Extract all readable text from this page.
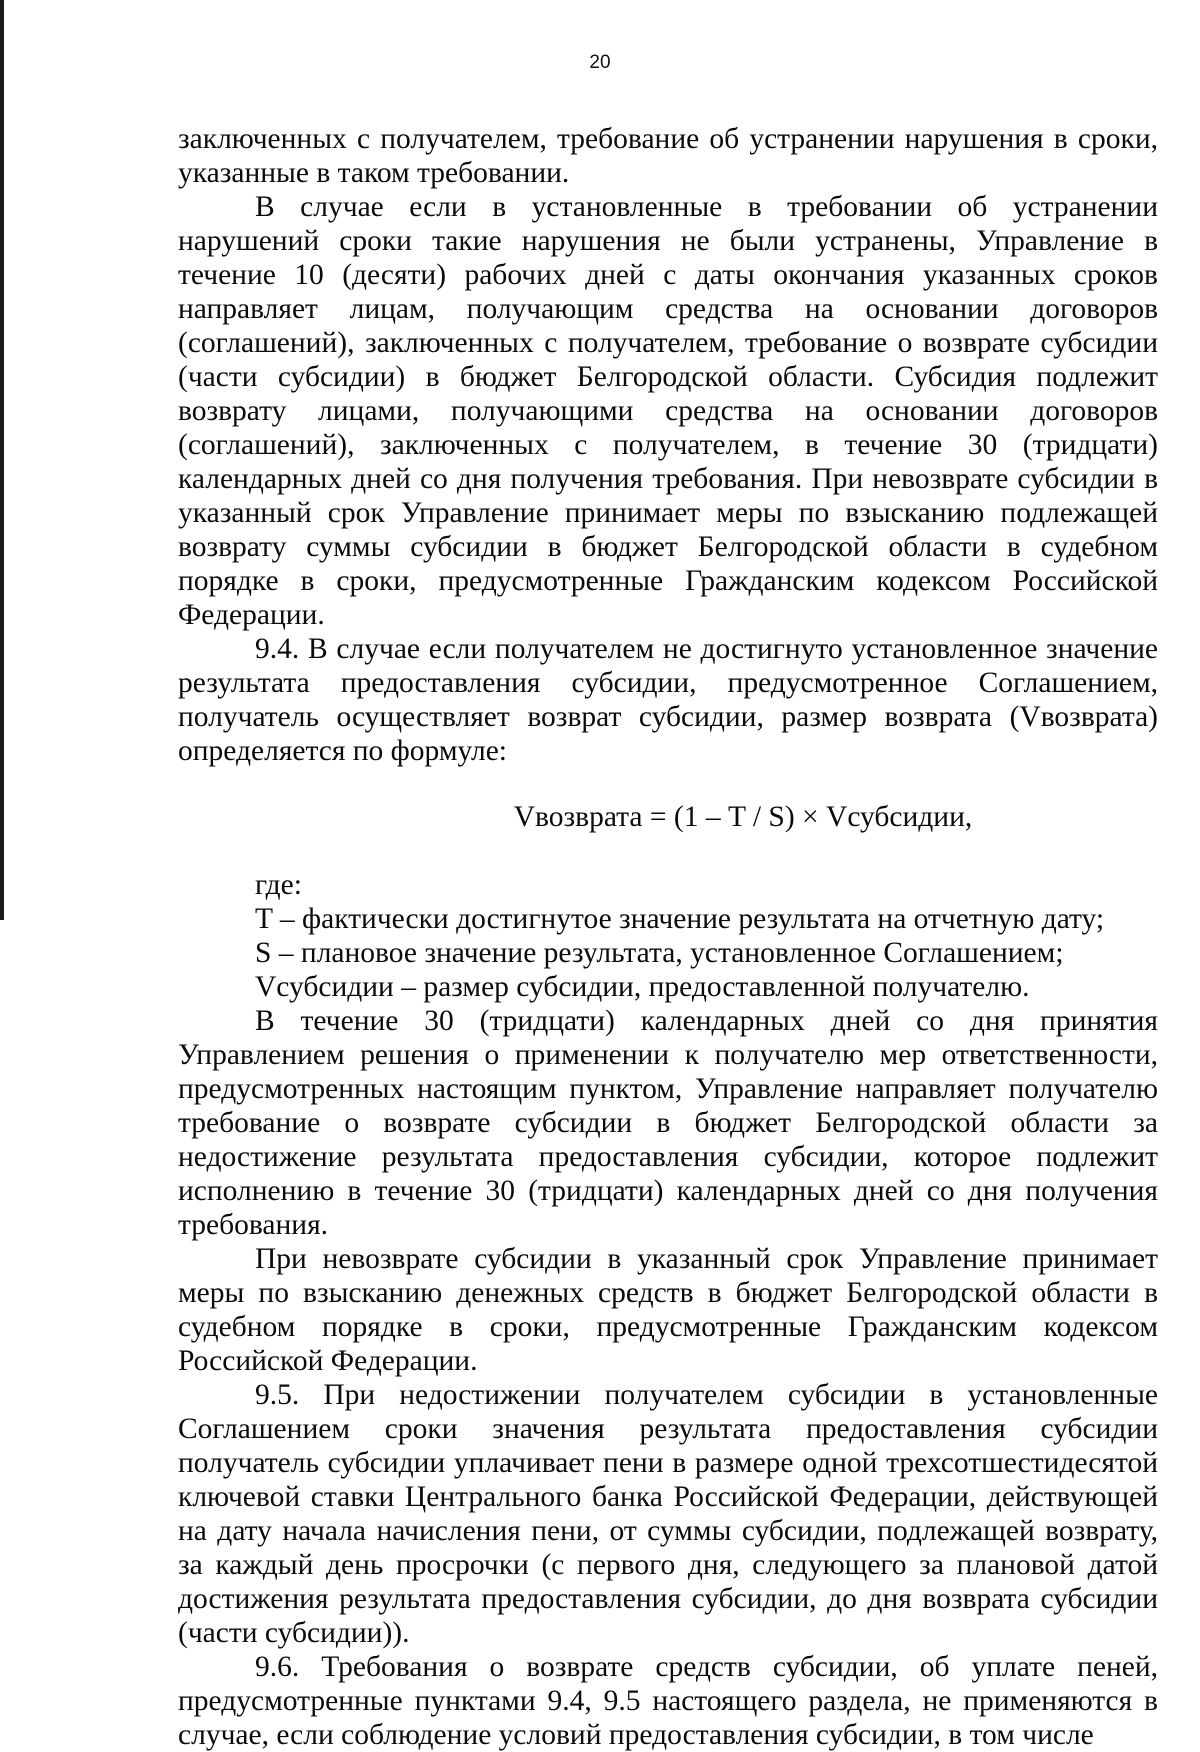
20

заключенных с получателем, требование об устранении нарушения в сроки, указанные в таком требовании.

В случае если в установленные в требовании об устранении нарушений сроки такие нарушения не были устранены, Управление в течение 10 (десяти) рабочих дней с даты окончания указанных сроков направляет лицам, получающим средства на основании договоров (соглашений), заключенных с получателем, требование о возврате субсидии (части субсидии) в бюджет Белгородской области. Субсидия подлежит возврату лицами, получающими средства на основании договоров (соглашений), заключенных с получателем, в течение 30 (тридцати) календарных дней со дня получения требования. При невозврате субсидии в указанный срок Управление принимает меры по взысканию подлежащей возврату суммы субсидии в бюджет Белгородской области в судебном порядке в сроки, предусмотренные Гражданским кодексом Российской Федерации.

9.4. В случае если получателем не достигнуто установленное значение результата предоставления субсидии, предусмотренное Соглашением, получатель осуществляет возврат субсидии, размер возврата (Vвозврата) определяется по формуле:

Vвозврата = (1 – T / S) × Vсубсидии,

где:

T – фактически достигнутое значение результата на отчетную дату;

S – плановое значение результата, установленное Соглашением;

Vсубсидии – размер субсидии, предоставленной получателю.

В течение 30 (тридцати) календарных дней со дня принятия Управлением решения о применении к получателю мер ответственности, предусмотренных настоящим пунктом, Управление направляет получателю требование о возврате субсидии в бюджет Белгородской области за недостижение результата предоставления субсидии, которое подлежит исполнению в течение 30 (тридцати) календарных дней со дня получения требования.

При невозврате субсидии в указанный срок Управление принимает меры по взысканию денежных средств в бюджет Белгородской области в судебном порядке в сроки, предусмотренные Гражданским кодексом Российской Федерации.

9.5. При недостижении получателем субсидии в установленные Соглашением сроки значения результата предоставления субсидии получатель субсидии уплачивает пени в размере одной трехсотшестидесятой ключевой ставки Центрального банка Российской Федерации, действующей на дату начала начисления пени, от суммы субсидии, подлежащей возврату, за каждый день просрочки (с первого дня, следующего за плановой датой достижения результата предоставления субсидии, до дня возврата субсидии (части субсидии)).

9.6. Требования о возврате средств субсидии, об уплате пеней, предусмотренные пунктами 9.4, 9.5 настоящего раздела, не применяются в случае, если соблюдение условий предоставления субсидии, в том числе
